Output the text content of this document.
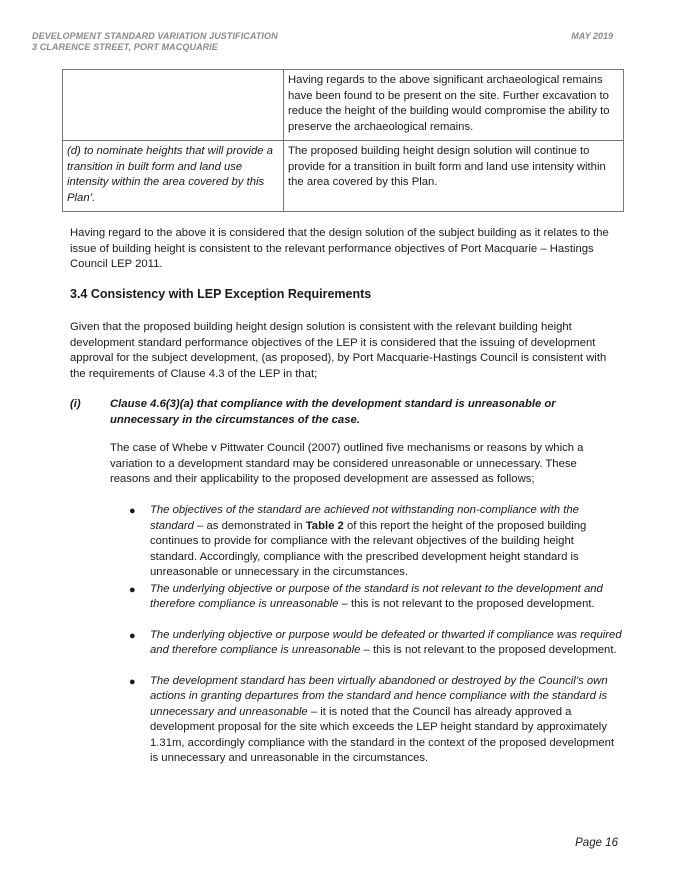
DEVELOPMENT STANDARD VARIATION JUSTIFICATION
3 CLARENCE STREET, PORT MACQUARIE
MAY 2019
	Having regards to the above significant archaeological remains have been found to be present on the site. Further excavation to reduce the height of the building would compromise the ability to preserve the archaeological remains.
(d) to nominate heights that will provide a transition in built form and land use intensity within the area covered by this Plan’.	The proposed building height design solution will continue to provide for a transition in built form and land use intensity within the area covered by this Plan.
Having regard to the above it is considered that the design solution of the subject building as it relates to the issue of building height is consistent to the relevant performance objectives of Port Macquarie – Hastings Council LEP 2011.
3.4 Consistency with LEP Exception Requirements
Given that the proposed building height design solution is consistent with the relevant building height development standard performance objectives of the LEP it is considered that the issuing of development approval for the subject development, (as proposed), by Port Macquarie-Hastings Council is consistent with the requirements of Clause 4.3 of the LEP in that;
(i)	Clause 4.6(3)(a) that compliance with the development standard is unreasonable or unnecessary in the circumstances of the case.
The case of Whebe v Pittwater Council (2007) outlined five mechanisms or reasons by which a variation to a development standard may be considered unreasonable or unnecessary. These reasons and their applicability to the proposed development are assessed as follows;
● The objectives of the standard are achieved not withstanding non-compliance with the standard – as demonstrated in Table 2 of this report the height of the proposed building continues to provide for compliance with the relevant objectives of the building height standard. Accordingly, compliance with the prescribed development height standard is unreasonable or unnecessary in the circumstances.
● The underlying objective or purpose of the standard is not relevant to the development and therefore compliance is unreasonable – this is not relevant to the proposed development.
● The underlying objective or purpose would be defeated or thwarted if compliance was required and therefore compliance is unreasonable – this is not relevant to the proposed development.
● The development standard has been virtually abandoned or destroyed by the Council’s own actions in granting departures from the standard and hence compliance with the standard is unnecessary and unreasonable – it is noted that the Council has already approved a development proposal for the site which exceeds the LEP height standard by approximately 1.31m, accordingly compliance with the standard in the context of the proposed development is unnecessary and unreasonable in the circumstances.
Page 16
